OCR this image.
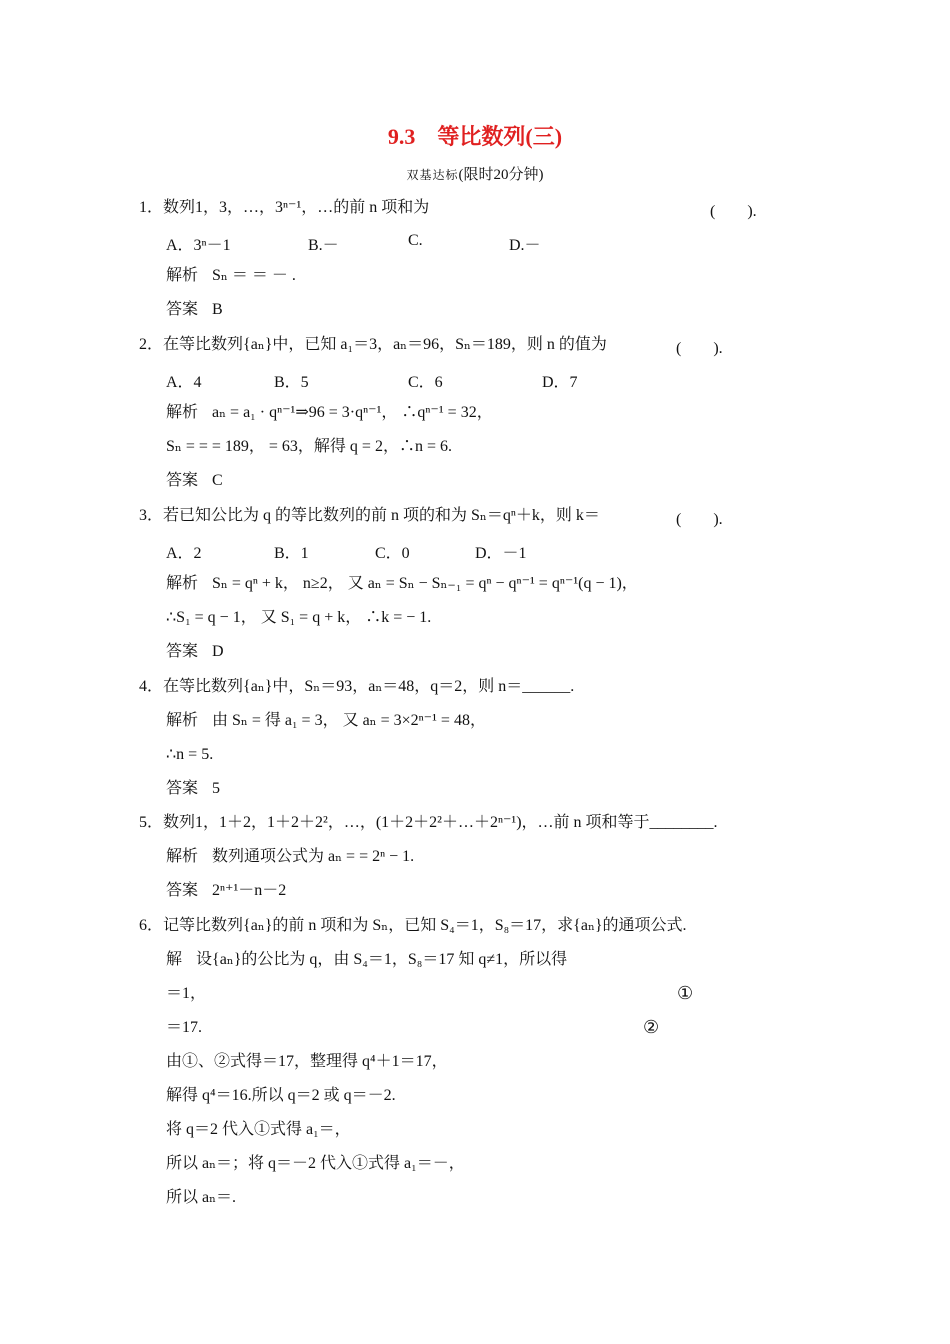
9.3　等比数列(三)
双基达标(限时20分钟)
1．数列1，3，…，3ⁿ⁻¹，…的前 n 项和为	(　　).
A．3ⁿ－1	B.－	C.	D.－
解析 Sₙ ＝ ＝ － .
答案 B
2．在等比数列{aₙ}中，已知 a₁＝3，aₙ＝96，Sₙ＝189，则 n 的值为	(　　).
A．4	B．5	C．6	D．7
解析 aₙ = a₁ · qⁿ⁻¹⇒96 = 3·qⁿ⁻¹， ∴qⁿ⁻¹ = 32，
Sₙ = = = 189， = 63，解得 q = 2，∴n = 6.
答案 C
3．若已知公比为 q 的等比数列的前 n 项的和为 Sₙ＝qⁿ＋k，则 k＝	(　　).
A．2	B．1	C．0	D．－1
解析 Sₙ = qⁿ + k， n≥2， 又 aₙ = Sₙ − Sₙ₋₁ = qⁿ − qⁿ⁻¹ = qⁿ⁻¹(q − 1)，
∴S₁ = q − 1， 又 S₁ = q + k， ∴k = − 1.
答案 D
4．在等比数列{aₙ}中，Sₙ＝93，aₙ＝48，q＝2，则 n＝______.
解析 由 Sₙ = 得 a₁ = 3， 又 aₙ = 3×2ⁿ⁻¹ = 48，
∴n = 5.
答案 5
5．数列1，1＋2，1＋2＋2²，…，(1＋2＋2²＋…＋2ⁿ⁻¹)，…前 n 项和等于________.
解析 数列通项公式为 aₙ = = 2ⁿ − 1.
答案 2ⁿ⁺¹－n－2
6．记等比数列{aₙ}的前 n 项和为 Sₙ，已知 S₄＝1，S₈＝17，求{aₙ}的通项公式.
解 设{aₙ}的公比为 q，由 S₄＝1，S₈＝17 知 q≠1，所以得
＝1，	①
＝17.	②
由①、②式得＝17，整理得 q⁴＋1＝17，
解得 q⁴＝16.所以 q＝2 或 q＝－2.
将 q＝2 代入①式得 a₁＝，
所以 aₙ＝；将 q＝－2 代入①式得 a₁＝－，
所以 aₙ＝.
